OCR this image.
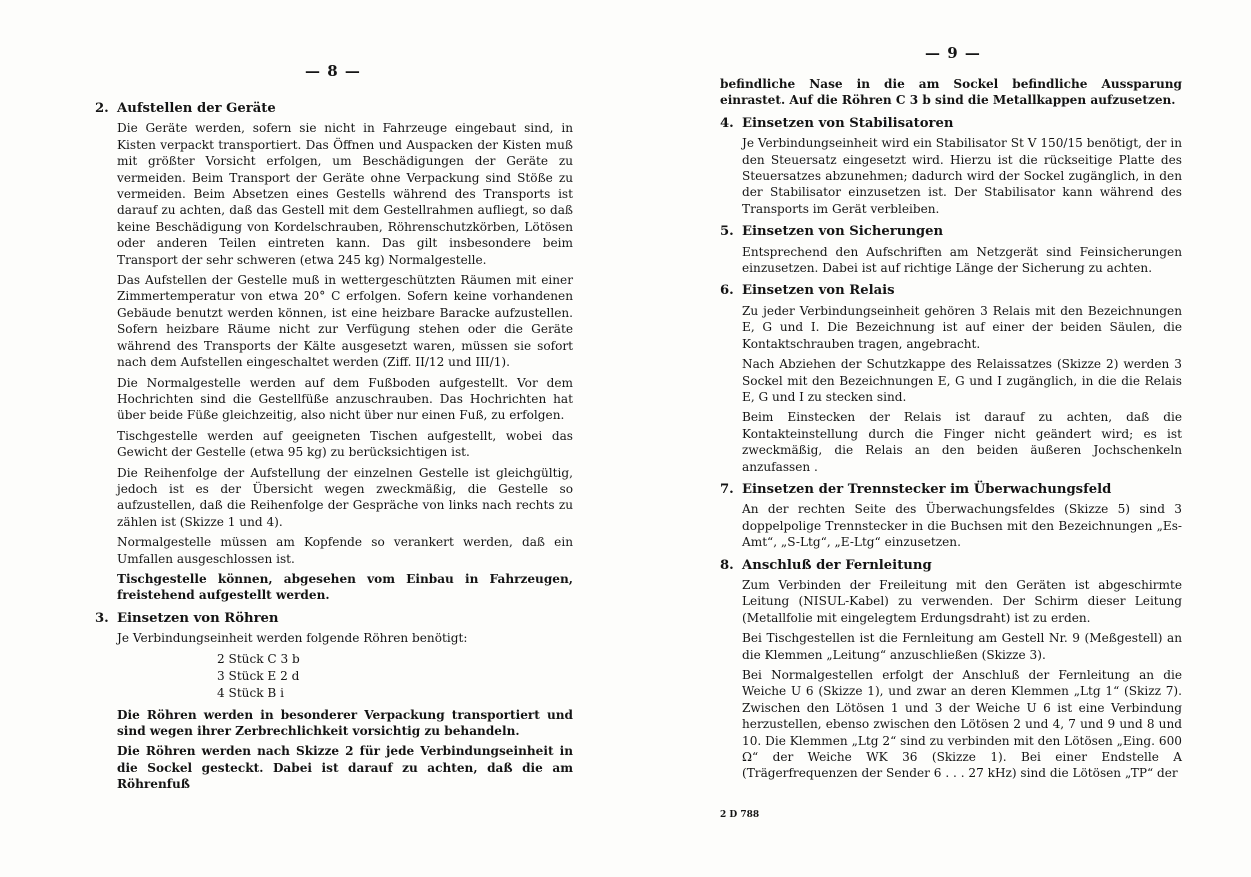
— 8 —
2. Aufstellen der Geräte

Die Geräte werden, sofern sie nicht in Fahrzeuge eingebaut sind, in Kisten verpackt transportiert. Das Öffnen und Auspacken der Kisten muß mit größter Vorsicht erfolgen, um Beschädigungen der Geräte zu vermeiden. Beim Transport der Geräte ohne Verpackung sind Stöße zu vermeiden. Beim Absetzen eines Gestells während des Transports ist darauf zu achten, daß das Gestell mit dem Gestellrahmen aufliegt, so daß keine Beschädigung von Kordelschrauben, Röhrenschutzkörben, Lötösen oder anderen Teilen eintreten kann. Das gilt insbesondere beim Transport der sehr schweren (etwa 245 kg) Normalgestelle.

Das Aufstellen der Gestelle muß in wettergeschützten Räumen mit einer Zimmertemperatur von etwa 20° C erfolgen. Sofern keine vorhandenen Gebäude benutzt werden können, ist eine heizbare Baracke aufzustellen. Sofern heizbare Räume nicht zur Verfügung stehen oder die Geräte während des Transports der Kälte ausgesetzt waren, müssen sie sofort nach dem Aufstellen eingeschaltet werden (Ziff. II/12 und III/1).

Die Normalgestelle werden auf dem Fußboden aufgestellt. Vor dem Hochrichten sind die Gestellfüße anzuschrauben. Das Hochrichten hat über beide Füße gleichzeitig, also nicht über nur einen Fuß, zu erfolgen.

Tischgestelle werden auf geeigneten Tischen aufgestellt, wobei das Gewicht der Gestelle (etwa 95 kg) zu berücksichtigen ist.

Die Reihenfolge der Aufstellung der einzelnen Gestelle ist gleichgültig, jedoch ist es der Übersicht wegen zweckmäßig, die Gestelle so aufzustellen, daß die Reihenfolge der Gespräche von links nach rechts zu zählen ist (Skizze 1 und 4).

Normalgestelle müssen am Kopfende so verankert werden, daß ein Umfallen ausgeschlossen ist.

Tischgestelle können, abgesehen vom Einbau in Fahrzeugen, freistehend aufgestellt werden.

3. Einsetzen von Röhren

Je Verbindungseinheit werden folgende Röhren benötigt:

2 Stück C 3 b
3 Stück E 2 d
4 Stück B i

Die Röhren werden in besonderer Verpackung transportiert und sind wegen ihrer Zerbrechlichkeit vorsichtig zu behandeln.

Die Röhren werden nach Skizze 2 für jede Verbindungseinheit in die Sockel gesteckt. Dabei ist darauf zu achten, daß die am Röhrenfuß

— 9 —

befindliche Nase in die am Sockel befindliche Aussparung einrastet. Auf die Röhren C 3 b sind die Metallkappen aufzusetzen.

4. Einsetzen von Stabilisatoren

Je Verbindungseinheit wird ein Stabilisator St V 150/15 benötigt, der in den Steuersatz eingesetzt wird. Hierzu ist die rückseitige Platte des Steuersatzes abzunehmen; dadurch wird der Sockel zugänglich, in den der Stabilisator einzusetzen ist. Der Stabilisator kann während des Transports im Gerät verbleiben.

5. Einsetzen von Sicherungen

Entsprechend den Aufschriften am Netzgerät sind Feinsicherungen einzusetzen. Dabei ist auf richtige Länge der Sicherung zu achten.

6. Einsetzen von Relais

Zu jeder Verbindungseinheit gehören 3 Relais mit den Bezeichnungen E, G und I. Die Bezeichnung ist auf einer der beiden Säulen, die Kontaktschrauben tragen, angebracht.

Nach Abziehen der Schutzkappe des Relaissatzes (Skizze 2) werden 3 Sockel mit den Bezeichnungen E, G und I zugänglich, in die die Relais E, G und I zu stecken sind.

Beim Einstecken der Relais ist darauf zu achten, daß die Kontakteinstellung durch die Finger nicht geändert wird; es ist zweckmäßig, die Relais an den beiden äußeren Jochschenkeln anzufassen .

7. Einsetzen der Trennstecker im Überwachungsfeld

An der rechten Seite des Überwachungsfeldes (Skizze 5) sind 3 doppelpolige Trennstecker in die Buchsen mit den Bezeichnungen „Es-Amt“, „S-Ltg“, „E-Ltg“ einzusetzen.

8. Anschluß der Fernleitung

Zum Verbinden der Freileitung mit den Geräten ist abgeschirmte Leitung (NISUL-Kabel) zu verwenden. Der Schirm dieser Leitung (Metallfolie mit eingelegtem Erdungsdraht) ist zu erden.

Bei Tischgestellen ist die Fernleitung am Gestell Nr. 9 (Meßgestell) an die Klemmen „Leitung“ anzuschließen (Skizze 3).

Bei Normalgestellen erfolgt der Anschluß der Fernleitung an die Weiche U 6 (Skizze 1), und zwar an deren Klemmen „Ltg 1“ (Skizz 7). Zwischen den Lötösen 1 und 3 der Weiche U 6 ist eine Verbindung herzustellen, ebenso zwischen den Lötösen 2 und 4, 7 und 9 und 8 und 10. Die Klemmen „Ltg 2“ sind zu verbinden mit den Lötösen „Eing. 600 Ω“ der Weiche WK 36 (Skizze 1). Bei einer Endstelle A (Trägerfrequenzen der Sender 6 . . . 27 kHz) sind die Lötösen „TP“ der

2 D 788
